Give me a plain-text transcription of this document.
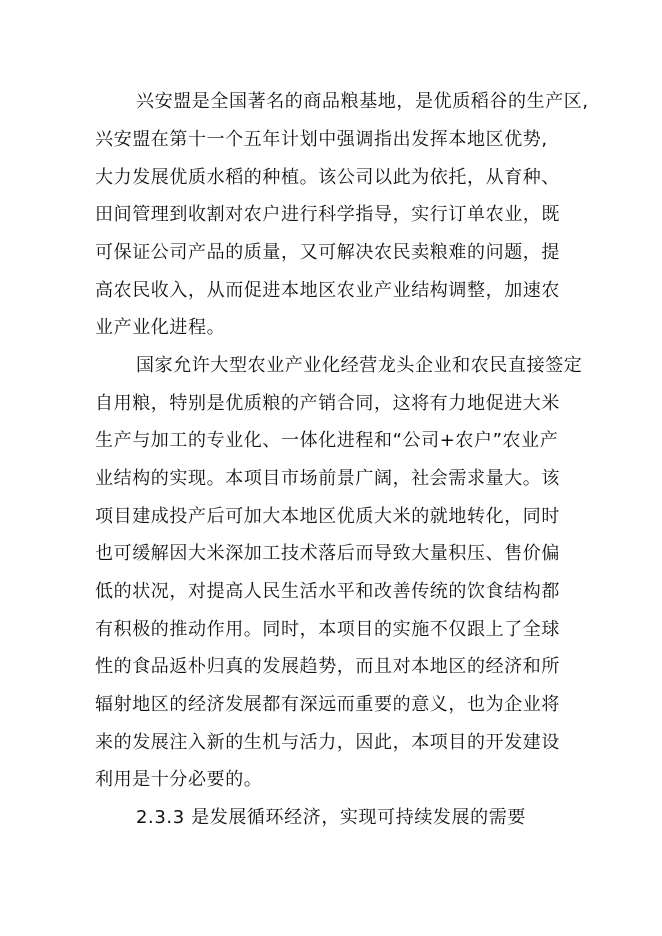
兴安盟是全国著名的商品粮基地，是优质稻谷的生产区,
兴安盟在第十一个五年计划中强调指出发挥本地区优势,
大力发展优质水稻的种植。该公司以此为依托，从育种、
田间管理到收割对农户进行科学指导，实行订单农业，既
可保证公司产品的质量，又可解决农民卖粮难的问题，提
高农民收入，从而促进本地区农业产业结构调整，加速农
业产业化进程。
国家允许大型农业产业化经营龙头企业和农民直接签定
自用粮，特别是优质粮的产销合同，这将有力地促进大米
生产与加工的专业化、一体化进程和“公司+农户”农业产
业结构的实现。本项目市场前景广阔，社会需求量大。该
项目建成投产后可加大本地区优质大米的就地转化，同时
也可缓解因大米深加工技术落后而导致大量积压、售价偏
低的状况，对提高人民生活水平和改善传统的饮食结构都
有积极的推动作用。同时，本项目的实施不仅跟上了全球
性的食品返朴归真的发展趋势，而且对本地区的经济和所
辐射地区的经济发展都有深远而重要的意义，也为企业将
来的发展注入新的生机与活力，因此，本项目的开发建设
利用是十分必要的。
2.3.3 是发展循环经济，实现可持续发展的需要
